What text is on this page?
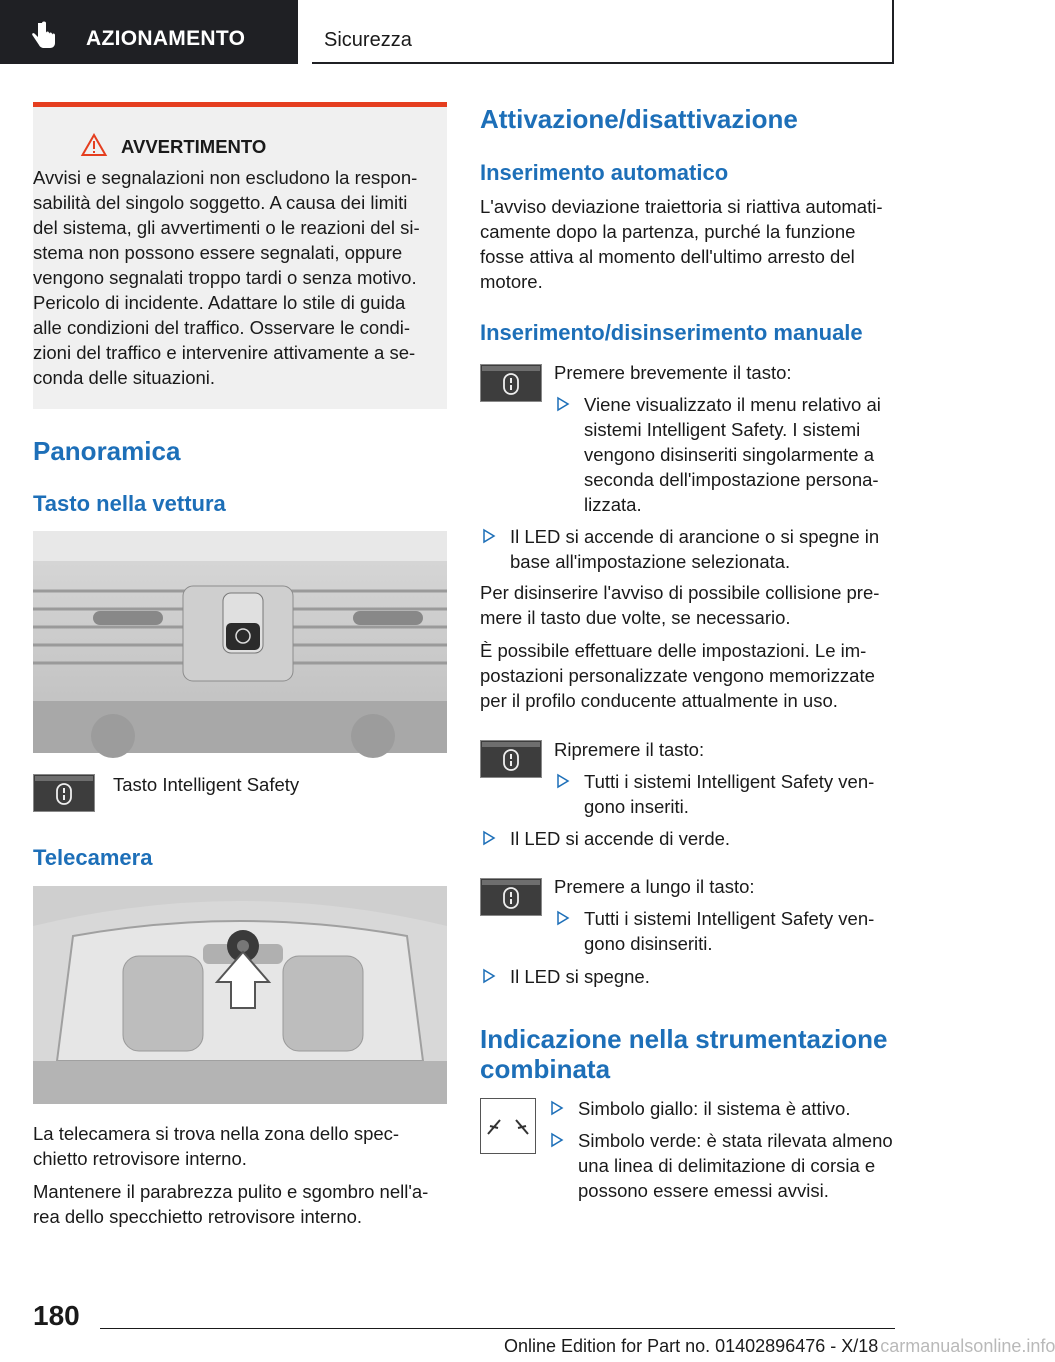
AZIONAMENTO	Sicurezza
AVVERTIMENTO
Avvisi e segnalazioni non escludono la respon-
sabilità del singolo soggetto. A causa dei limiti
del sistema, gli avvertimenti o le reazioni del si-
stema non possono essere segnalati, oppure
vengono segnalati troppo tardi o senza motivo.
Pericolo di incidente. Adattare lo stile di guida
alle condizioni del traffico. Osservare le condi-
zioni del traffico e intervenire attivamente a se-
conda delle situazioni.
Panoramica
Tasto nella vettura
Tasto Intelligent Safety
Telecamera
La telecamera si trova nella zona dello spec-
chietto retrovisore interno.
Mantenere il parabrezza pulito e sgombro nell'a-
rea dello specchietto retrovisore interno.
Attivazione/disattivazione
Inserimento automatico
L'avviso deviazione traiettoria si riattiva automati-
camente dopo la partenza, purché la funzione
fosse attiva al momento dell'ultimo arresto del
motore.
Inserimento/disinserimento manuale
Premere brevemente il tasto:
Viene visualizzato il menu relativo ai
sistemi Intelligent Safety. I sistemi
vengono disinseriti singolarmente a
seconda dell'impostazione persona-
lizzata.
Il LED si accende di arancione o si spegne in
base all'impostazione selezionata.
Per disinserire l'avviso di possibile collisione pre-
mere il tasto due volte, se necessario.
È possibile effettuare delle impostazioni. Le im-
postazioni personalizzate vengono memorizzate
per il profilo conducente attualmente in uso.
Ripremere il tasto:
Tutti i sistemi Intelligent Safety ven-
gono inseriti.
Il LED si accende di verde.
Premere a lungo il tasto:
Tutti i sistemi Intelligent Safety ven-
gono disinseriti.
Il LED si spegne.
Indicazione nella strumentazione
combinata
Simbolo giallo: il sistema è attivo.
Simbolo verde: è stata rilevata almeno
una linea di delimitazione di corsia e
possono essere emessi avvisi.
180
Online Edition for Part no. 01402896476 - X/18 carmanualsonline.info
